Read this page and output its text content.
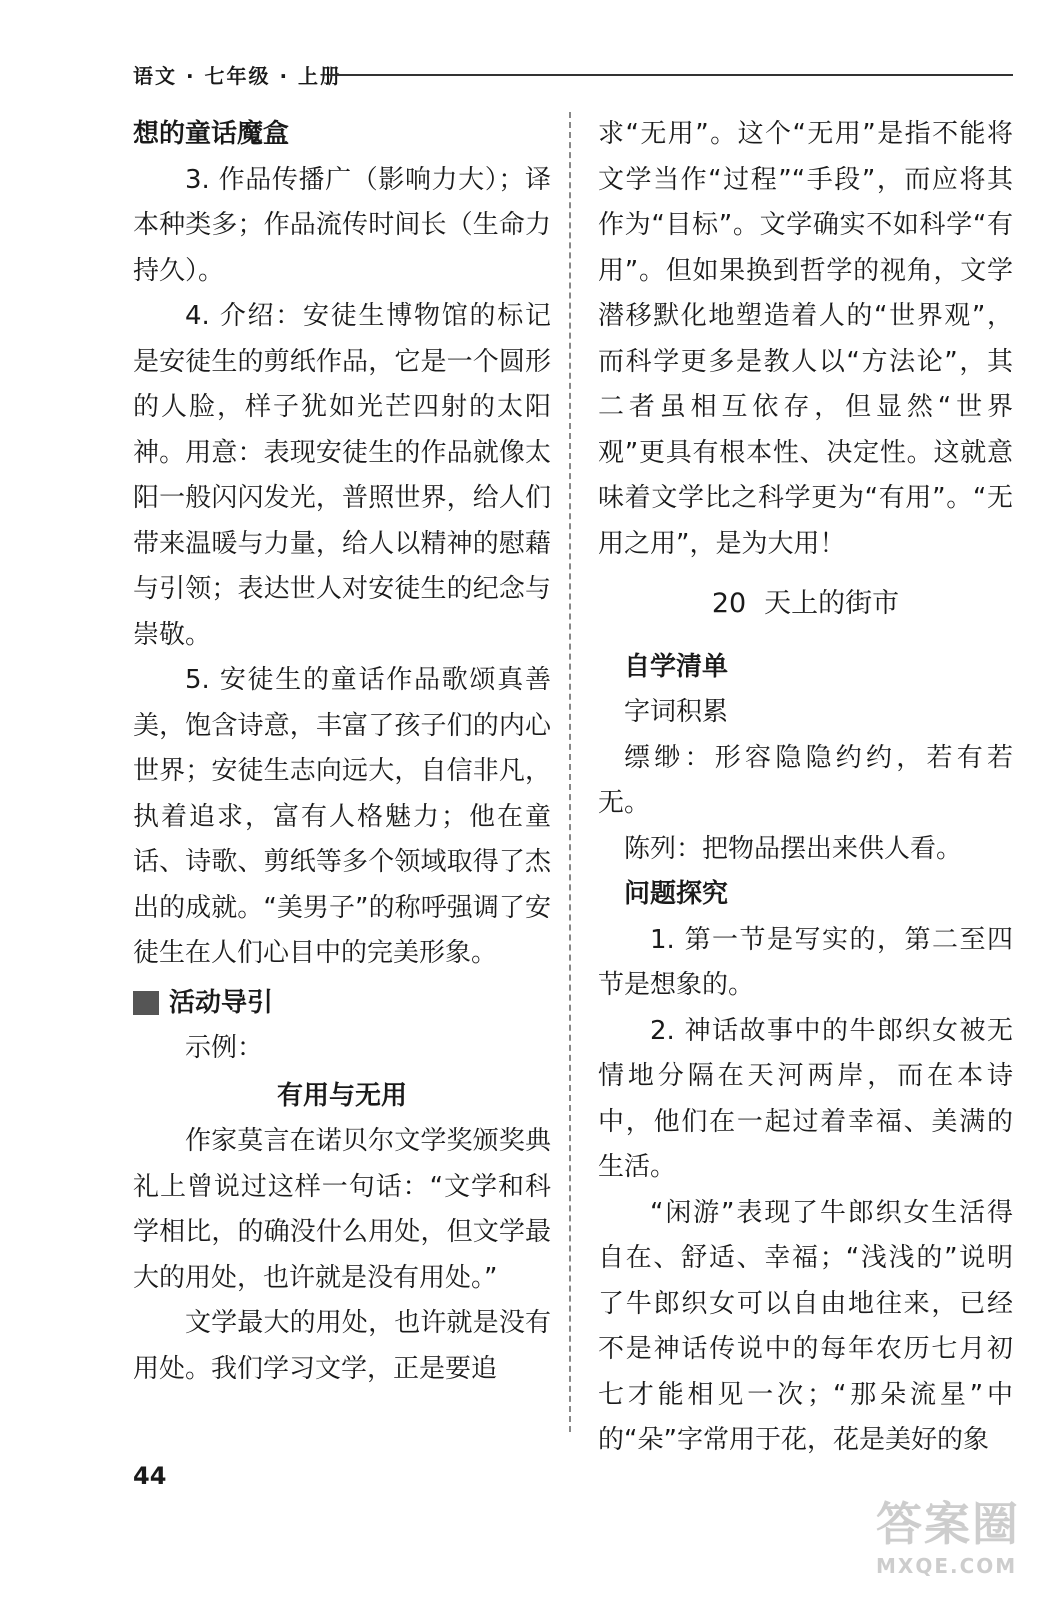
语文 · 七年级 · 上册

想的童话魔盒

3. 作品传播广（影响力大）；译本种类多；作品流传时间长（生命力持久）。

4. 介绍：安徒生博物馆的标记是安徒生的剪纸作品，它是一个圆形的人脸，样子犹如光芒四射的太阳神。用意：表现安徒生的作品就像太阳一般闪闪发光，普照世界，给人们带来温暖与力量，给人以精神的慰藉与引领；表达世人对安徒生的纪念与崇敬。

5. 安徒生的童话作品歌颂真善美，饱含诗意，丰富了孩子们的内心世界；安徒生志向远大，自信非凡，执着追求，富有人格魅力；他在童话、诗歌、剪纸等多个领域取得了杰出的成就。“美男子”的称呼强调了安徒生在人们心目中的完美形象。

活动导引

示例：

有用与无用

作家莫言在诺贝尔文学奖颁奖典礼上曾说过这样一句话：“文学和科学相比，的确没什么用处，但文学最大的用处，也许就是没有用处。”

文学最大的用处，也许就是没有用处。我们学习文学，正是要追

求“无用”。这个“无用”是指不能将文学当作“过程”“手段”，而应将其作为“目标”。文学确实不如科学“有用”。但如果换到哲学的视角，文学潜移默化地塑造着人的“世界观”，而科学更多是教人以“方法论”，其二者虽相互依存，但显然“世界观”更具有根本性、决定性。这就意味着文学比之科学更为“有用”。“无用之用”，是为大用！

20 天上的街市

自学清单

字词积累

缥缈：形容隐隐约约，若有若无。

陈列：把物品摆出来供人看。

问题探究

1. 第一节是写实的，第二至四节是想象的。

2. 神话故事中的牛郎织女被无情地分隔在天河两岸，而在本诗中，他们在一起过着幸福、美满的生活。

“闲游”表现了牛郎织女生活得自在、舒适、幸福；“浅浅的”说明了牛郎织女可以自由地往来，已经不是神话传说中的每年农历七月初七才能相见一次；“那朵流星”中的“朵”字常用于花，花是美好的象

44
答案圈
MXQE.COM
